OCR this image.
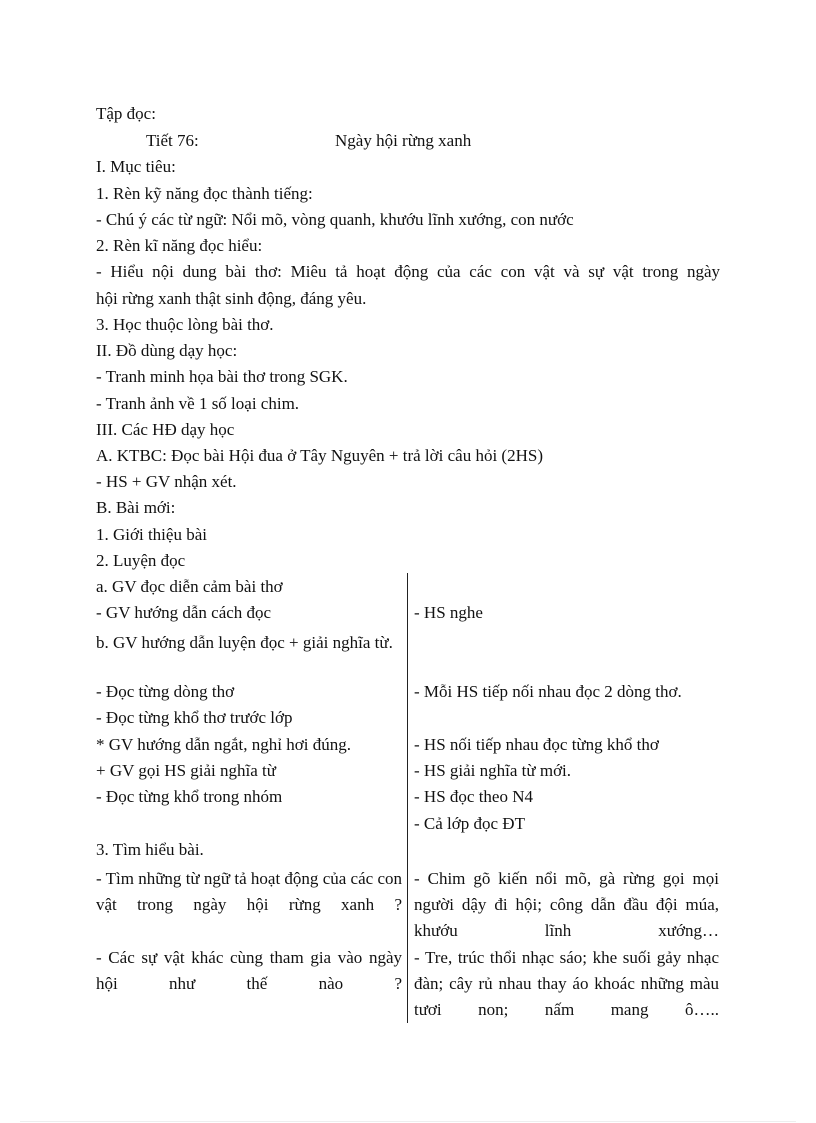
Tập đọc:
Tiết 76:	Ngày hội rừng xanh
I. Mục tiêu:
1. Rèn kỹ năng đọc thành tiếng:
- Chú ý các từ ngữ: Nổi mõ, vòng quanh, khướu lĩnh xướng, con nước
2. Rèn kĩ năng đọc hiểu:
- Hiểu nội dung bài thơ: Miêu tả hoạt động của các con vật và sự vật trong ngày
hội rừng xanh thật sinh động, đáng yêu.
3. Học thuộc lòng bài thơ.
II. Đồ dùng dạy học:
- Tranh minh họa bài thơ trong SGK.
- Tranh ảnh về 1 số loại chim.
III. Các HĐ dạy học
A. KTBC: Đọc bài Hội đua ở Tây Nguyên + trả lời câu hỏi (2HS)
- HS + GV nhận xét.
B. Bài mới:
1. Giới thiệu bài
2. Luyện đọc
a. GV đọc diễn cảm bài thơ
- GV hướng dẫn cách đọc
b. GV hướng dẫn luyện đọc + giải nghĩa từ.
- Đọc từng dòng thơ
- Đọc từng khổ thơ trước lớp
* GV hướng dẫn ngắt, nghỉ hơi đúng.
+ GV gọi HS giải nghĩa từ
- Đọc từng khổ trong nhóm
3. Tìm hiểu bài.
- Tìm những từ ngữ tả hoạt động của các con vật trong ngày hội rừng xanh ?
- Các sự vật khác cùng tham gia vào ngày hội như thế nào ?
- HS nghe
- Mỗi HS tiếp nối nhau đọc 2 dòng thơ.
- HS nối tiếp nhau đọc từng khổ thơ
- HS giải nghĩa từ mới.
- HS đọc theo N4
- Cả lớp đọc ĐT
- Chim gõ kiến nổi mõ, gà rừng gọi mọi người dậy đi hội; công dẫn đầu đội múa, khướu lĩnh xướng…
- Tre, trúc thổi nhạc sáo; khe suối gảy nhạc đàn; cây rủ nhau thay áo khoác những màu tươi non; nấm mang ô…..
